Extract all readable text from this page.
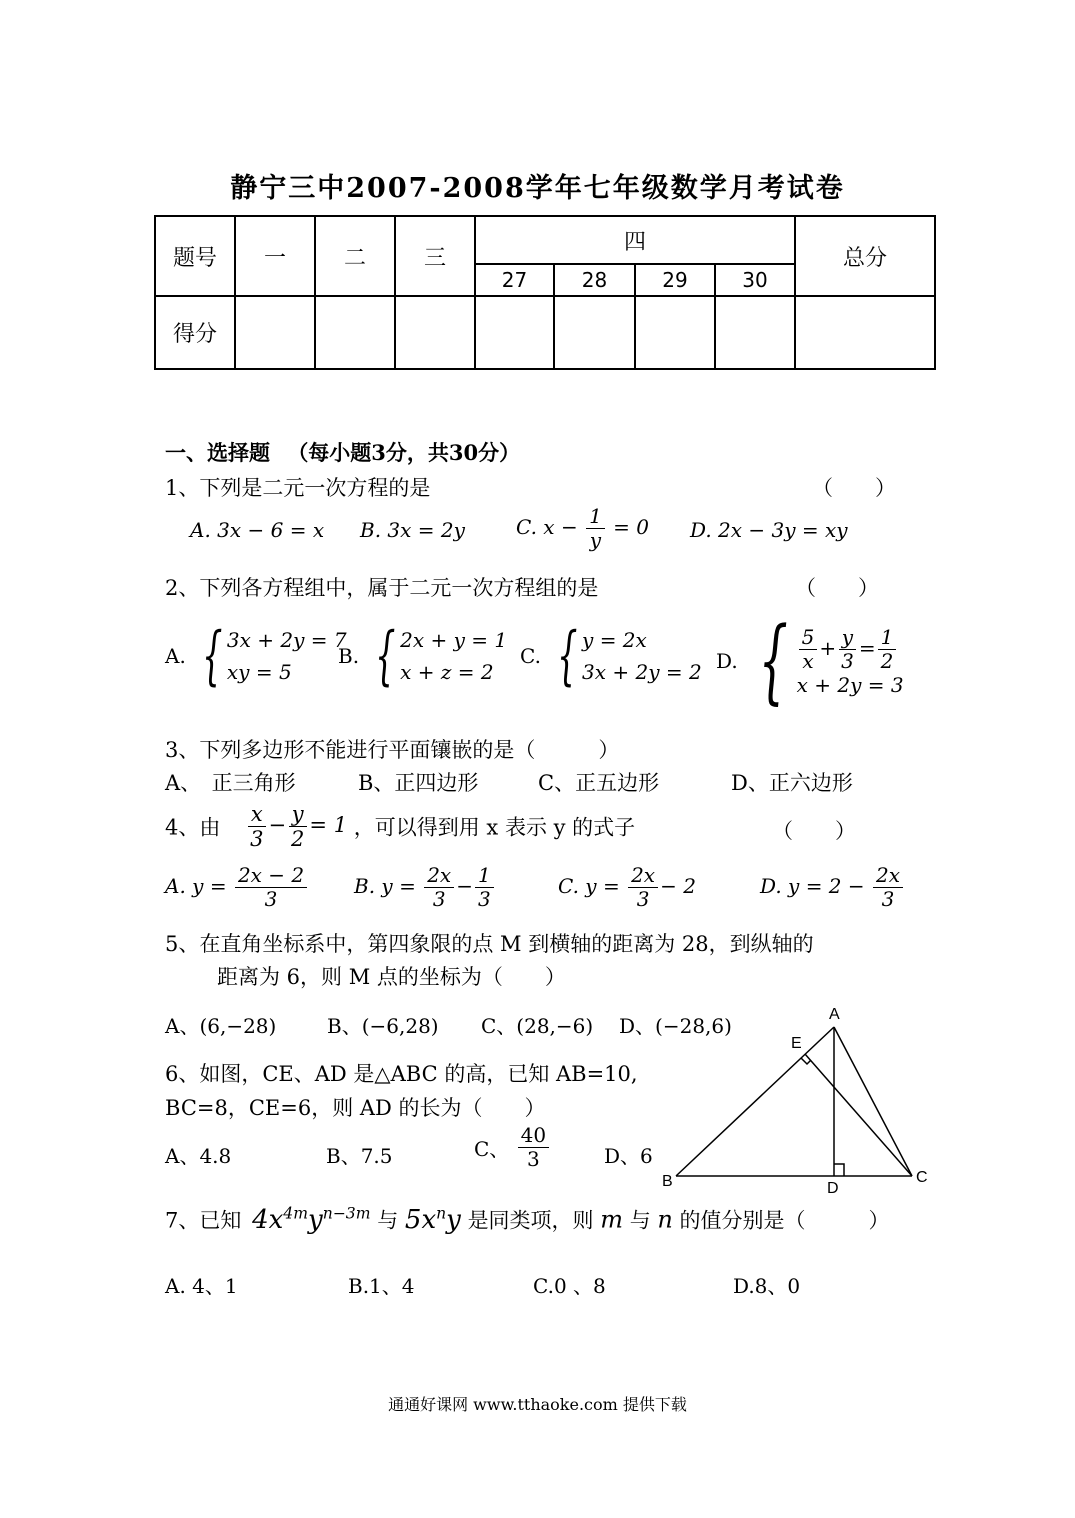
静宁三中2007-2008学年七年级数学月考试卷
题号	一	二	三	四				总分
				27	28	29	30	
得分								
一、选择题 （每小题3分，共30分）
1、下列是二元一次方程的是	（　　）
A. 3x − 6 = x B. 3x = 2y	C. $x - \frac{1}{y} = 0$ D. 2x − 3y = xy
2、下列各方程组中，属于二元一次方程组的是	（　　）
A. { 3x + 2y = 7
xy = 5
B. { 2x + y = 1
x + z = 2
C. { y = 2x
3x + 2y = 2 D. { $\frac{5}{x} + \frac{y}{3} = \frac{1}{2}$
x + 2y = 3
3、下列多边形不能进行平面镶嵌的是（　　　）
A、　正三角形	B、正四边形	C、正五边形	D、正六边形
4、由 $\frac{x}{3} - \frac{y}{2} = 1$ ，可以得到用 x 表示 y 的式子	（　　）
A. $y = \frac{2x - 2}{3} B$. $y = \frac{2x}{3} - \frac{1}{3}$	C. $y = \frac{2x}{3} - 2$	D. $y = 2 - \frac{2x}{3}$
5、在直角坐标系中，第四象限的点 M 到横轴的距离为 28，到纵轴的
距离为 6，则 M 点的坐标为（　　）
A、(6,−28)	B、(−6,28) C、(28,−6) D、(−28,6)
6、如图，CE、AD 是△ABC 的高，已知 AB=10,
BC=8，CE=6，则 AD 的长为（　　）
A、4.8	B、7.5	C、 $\frac{40}{3}$	D、6
A
B	C
D
E
7、已知 $4x^{4m}y^{n-3m}$ 与 $5x^ny$ 是同类项，则 m 与 n 的值分别是（　　　）
A. 4、1	B.1、4	C.0 、8	D.8、0
通通好课网 www.tthaoke.com 提供下载
